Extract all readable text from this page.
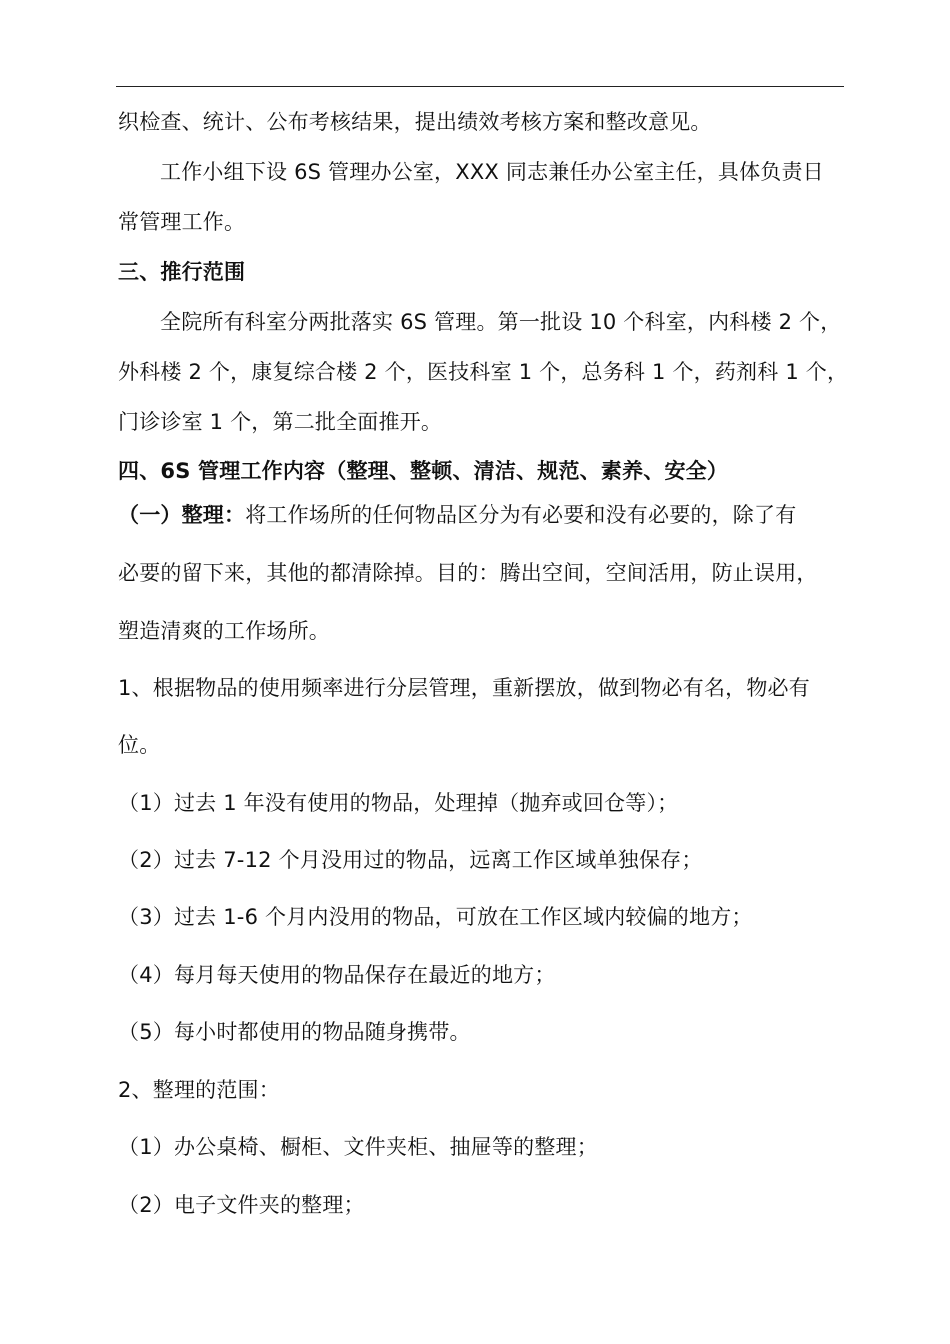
织检查、统计、公布考核结果，提出绩效考核方案和整改意见。
工作小组下设 6S 管理办公室，XXX 同志兼任办公室主任，具体负责日
常管理工作。
三、推行范围
全院所有科室分两批落实 6S 管理。第一批设 10 个科室，内科楼 2 个，
外科楼 2 个，康复综合楼 2 个，医技科室 1 个，总务科 1 个，药剂科 1 个，
门诊诊室 1 个，第二批全面推开。
四、6S 管理工作内容（整理、整顿、清洁、规范、素养、安全）
（一）整理：将工作场所的任何物品区分为有必要和没有必要的，除了有
必要的留下来，其他的都清除掉。目的：腾出空间，空间活用，防止误用，
塑造清爽的工作场所。
1、根据物品的使用频率进行分层管理，重新摆放，做到物必有名，物必有
位。
（1）过去 1 年没有使用的物品，处理掉（抛弃或回仓等）；
（2）过去 7-12 个月没用过的物品，远离工作区域单独保存；
（3）过去 1-6 个月内没用的物品，可放在工作区域内较偏的地方；
（4）每月每天使用的物品保存在最近的地方；
（5）每小时都使用的物品随身携带。
2、整理的范围：
（1）办公桌椅、橱柜、文件夹柜、抽屉等的整理；
（2）电子文件夹的整理；
